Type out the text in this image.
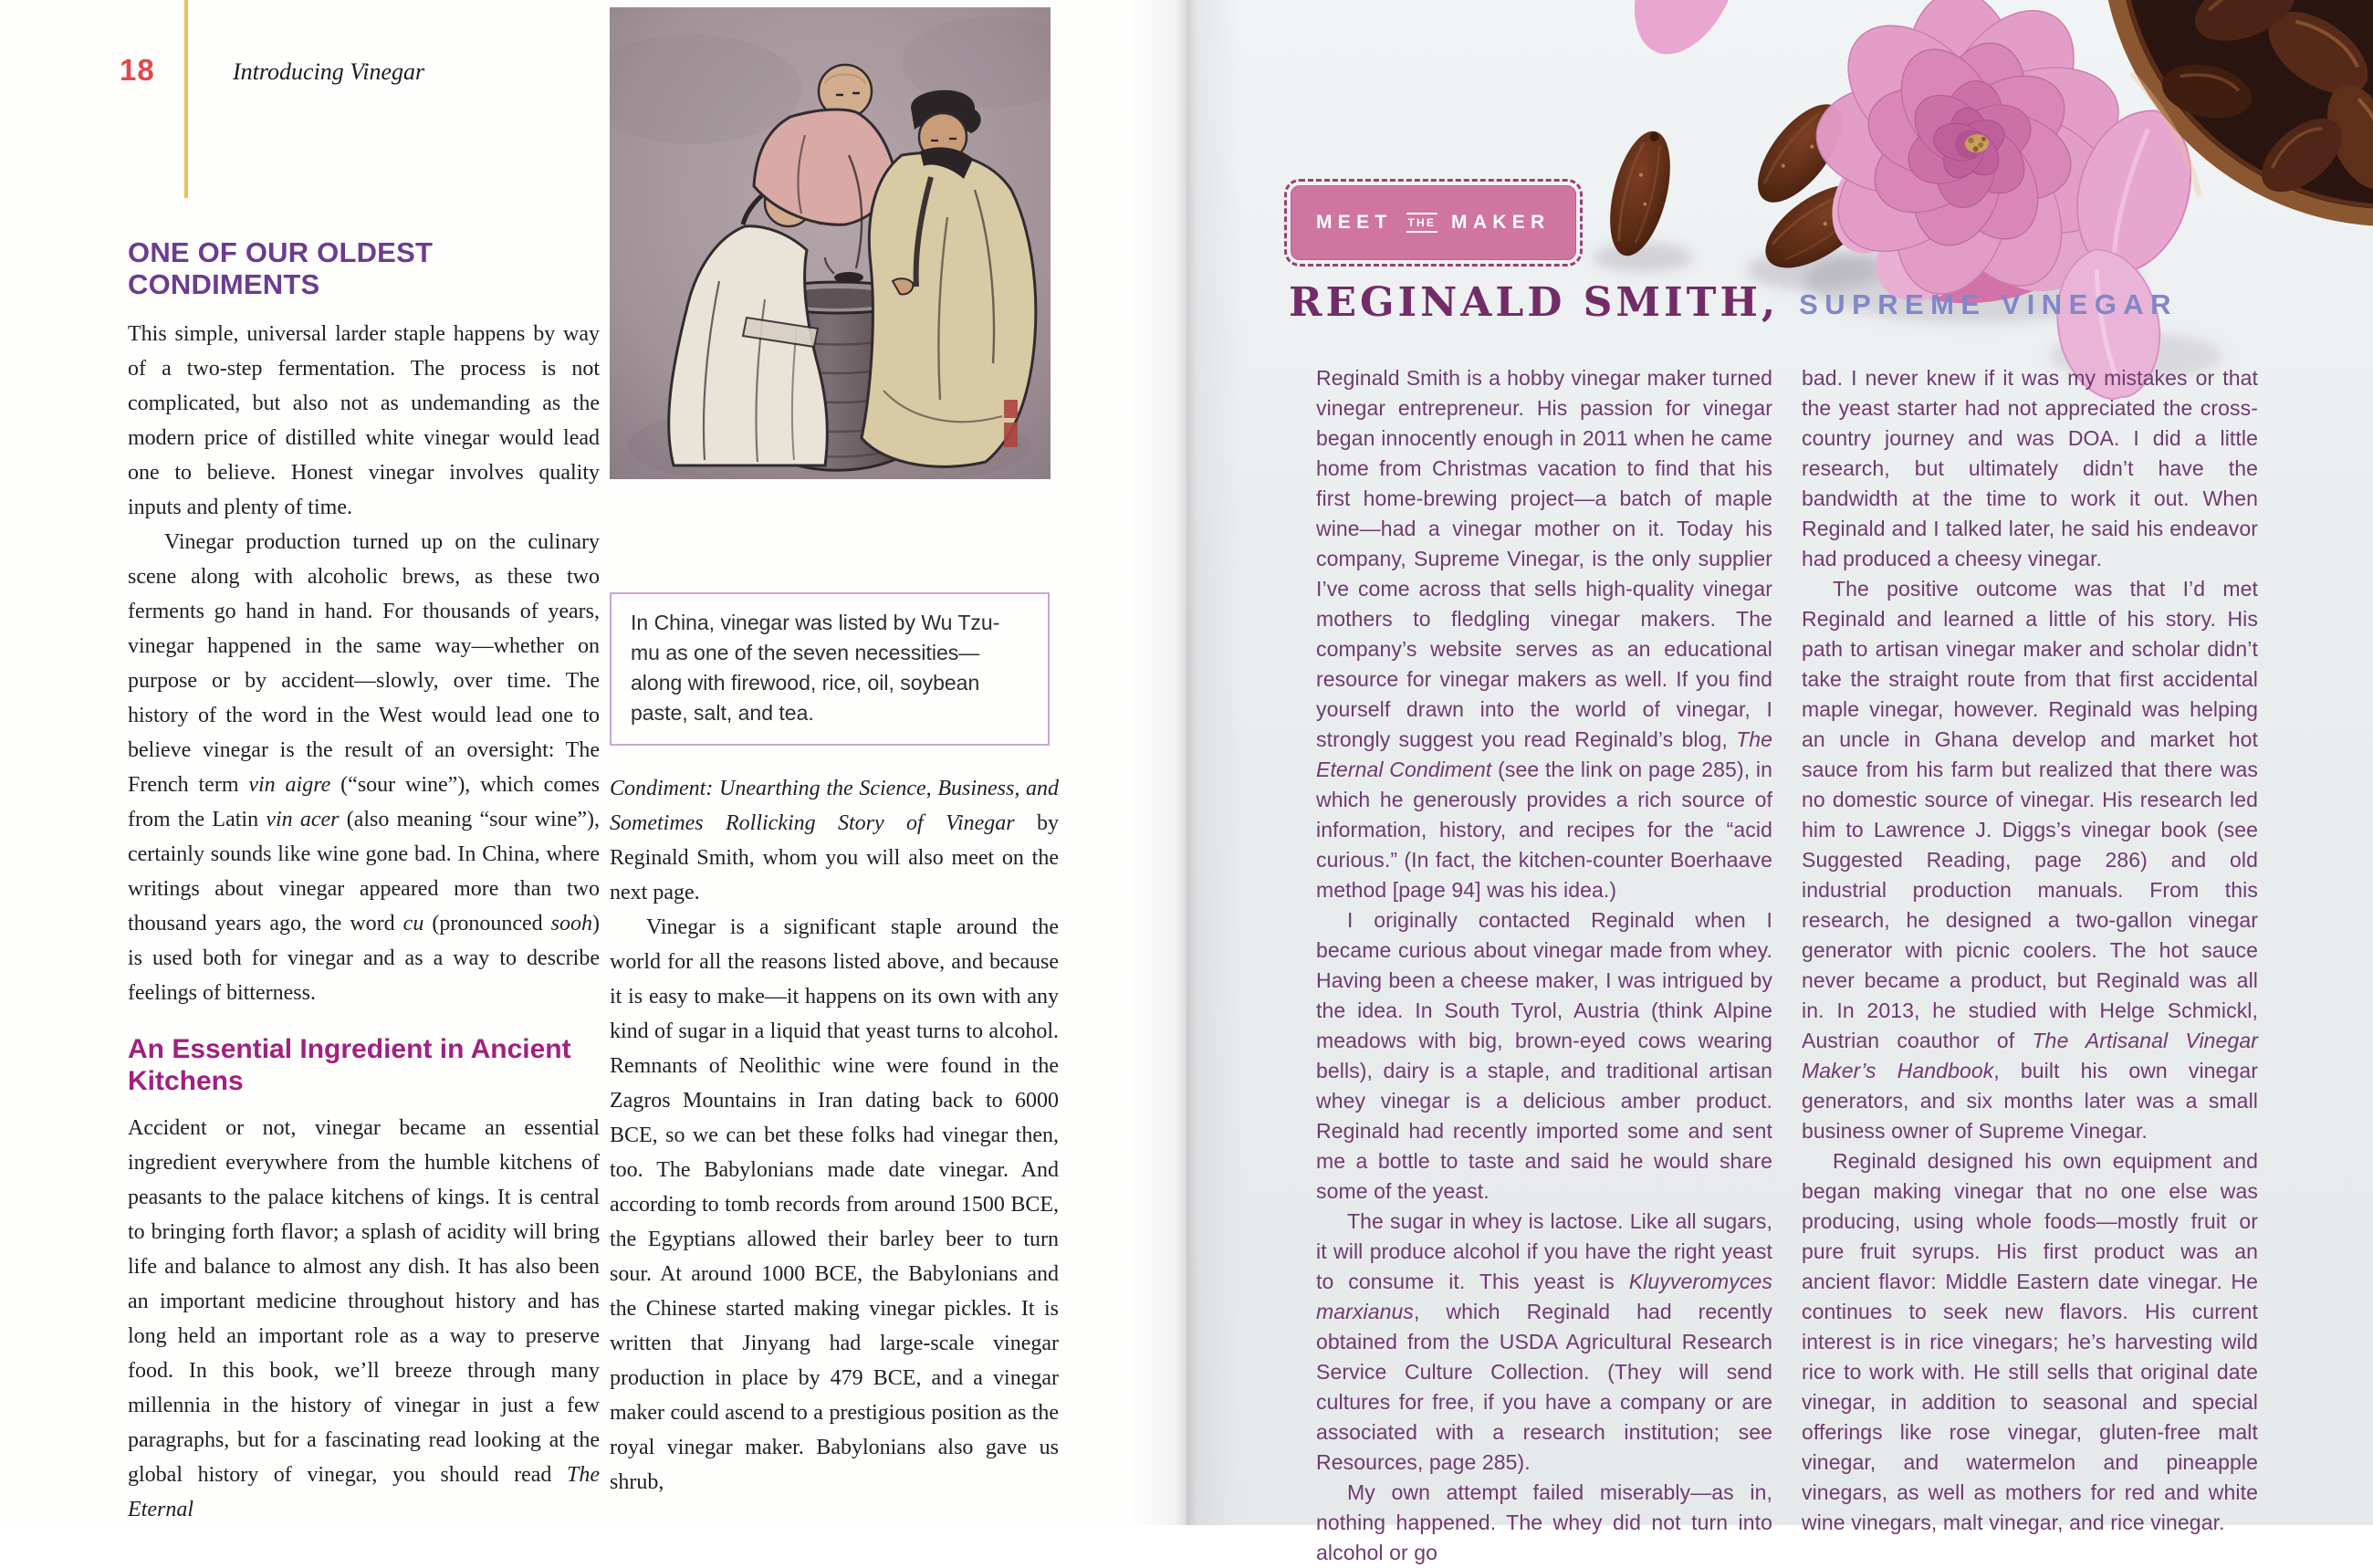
18	Introducing Vinegar
ONE OF OUR OLDEST CONDIMENTS

This simple, universal larder staple happens by way of a two-step fermentation. The process is not complicated, but also not as undemanding as the modern price of distilled white vinegar would lead one to believe. Honest vinegar involves quality inputs and plenty of time.

Vinegar production turned up on the culinary scene along with alcoholic brews, as these two ferments go hand in hand. For thousands of years, vinegar happened in the same way—whether on purpose or by accident—slowly, over time. The history of the word in the West would lead one to believe vinegar is the result of an oversight: The French term vin aigre (“sour wine”), which comes from the Latin vin acer (also meaning “sour wine”), certainly sounds like wine gone bad. In China, where writings about vinegar appeared more than two thousand years ago, the word cu (pronounced sooh) is used both for vinegar and as a way to describe feelings of bitterness.

An Essential Ingredient in Ancient Kitchens

Accident or not, vinegar became an essential ingredient everywhere from the humble kitchens of peasants to the palace kitchens of kings. It is central to bringing forth flavor; a splash of acidity will bring life and balance to almost any dish. It has also been an important medicine throughout history and has long held an important role as a way to preserve food. In this book, we’ll breeze through many millennia in the history of vinegar in just a few paragraphs, but for a fascinating read looking at the global history of vinegar, you should read The Eternal

In China, vinegar was listed by Wu Tzu-mu as one of the seven necessities—along with firewood, rice, oil, soybean paste, salt, and tea.

Condiment: Unearthing the Science, Business, and Sometimes Rollicking Story of Vinegar by Reginald Smith, whom you will also meet on the next page.

Vinegar is a significant staple around the world for all the reasons listed above, and because it is easy to make—it happens on its own with any kind of sugar in a liquid that yeast turns to alcohol. Remnants of Neolithic wine were found in the Zagros Mountains in Iran dating back to 6000 BCE, so we can bet these folks had vinegar then, too. The Babylonians made date vinegar. And according to tomb records from around 1500 BCE, the Egyptians allowed their barley beer to turn sour. At around 1000 BCE, the Babylonians and the Chinese started making vinegar pickles. It is written that Jinyang had large-scale vinegar production in place by 479 BCE, and a vinegar maker could ascend to a prestigious position as the royal vinegar maker. Babylonians also gave us shrub,

MEET THE MAKER
REGINALD SMITH, SUPREME VINEGAR

Reginald Smith is a hobby vinegar maker turned vinegar entrepreneur. His passion for vinegar began innocently enough in 2011 when he came home from Christmas vacation to find that his first home-brewing project—a batch of maple wine—had a vinegar mother on it. Today his company, Supreme Vinegar, is the only supplier I’ve come across that sells high-quality vinegar mothers to fledgling vinegar makers. The company’s website serves as an educational resource for vinegar makers as well. If you find yourself drawn into the world of vinegar, I strongly suggest you read Reginald’s blog, The Eternal Condiment (see the link on page 285), in which he generously provides a rich source of information, history, and recipes for the “acid curious.” (In fact, the kitchen-counter Boerhaave method [page 94] was his idea.)

I originally contacted Reginald when I became curious about vinegar made from whey. Having been a cheese maker, I was intrigued by the idea. In South Tyrol, Austria (think Alpine meadows with big, brown-eyed cows wearing bells), dairy is a staple, and traditional artisan whey vinegar is a delicious amber product. Reginald had recently imported some and sent me a bottle to taste and said he would share some of the yeast.

The sugar in whey is lactose. Like all sugars, it will produce alcohol if you have the right yeast to consume it. This yeast is Kluyveromyces marxianus, which Reginald had recently obtained from the USDA Agricultural Research Service Culture Collection. (They will send cultures for free, if you have a company or are associated with a research institution; see Resources, page 285).

My own attempt failed miserably—as in, nothing happened. The whey did not turn into alcohol or go

bad. I never knew if it was my mistakes or that the yeast starter had not appreciated the cross-country journey and was DOA. I did a little research, but ultimately didn’t have the bandwidth at the time to work it out. When Reginald and I talked later, he said his endeavor had produced a cheesy vinegar.

The positive outcome was that I’d met Reginald and learned a little of his story. His path to artisan vinegar maker and scholar didn’t take the straight route from that first accidental maple vinegar, however. Reginald was helping an uncle in Ghana develop and market hot sauce from his farm but realized that there was no domestic source of vinegar. His research led him to Lawrence J. Diggs’s vinegar book (see Suggested Reading, page 286) and old industrial production manuals. From this research, he designed a two-gallon vinegar generator with picnic coolers. The hot sauce never became a product, but Reginald was all in. In 2013, he studied with Helge Schmickl, Austrian coauthor of The Artisanal Vinegar Maker’s Handbook, built his own vinegar generators, and six months later was a small business owner of Supreme Vinegar.

Reginald designed his own equipment and began making vinegar that no one else was producing, using whole foods—mostly fruit or pure fruit syrups. His first product was an ancient flavor: Middle Eastern date vinegar. He continues to seek new flavors. His current interest is in rice vinegars; he’s harvesting wild rice to work with. He still sells that original date vinegar, in addition to seasonal and special offerings like rose vinegar, gluten-free malt vinegar, and watermelon and pineapple vinegars, as well as mothers for red and white wine vinegars, malt vinegar, and rice vinegar.
